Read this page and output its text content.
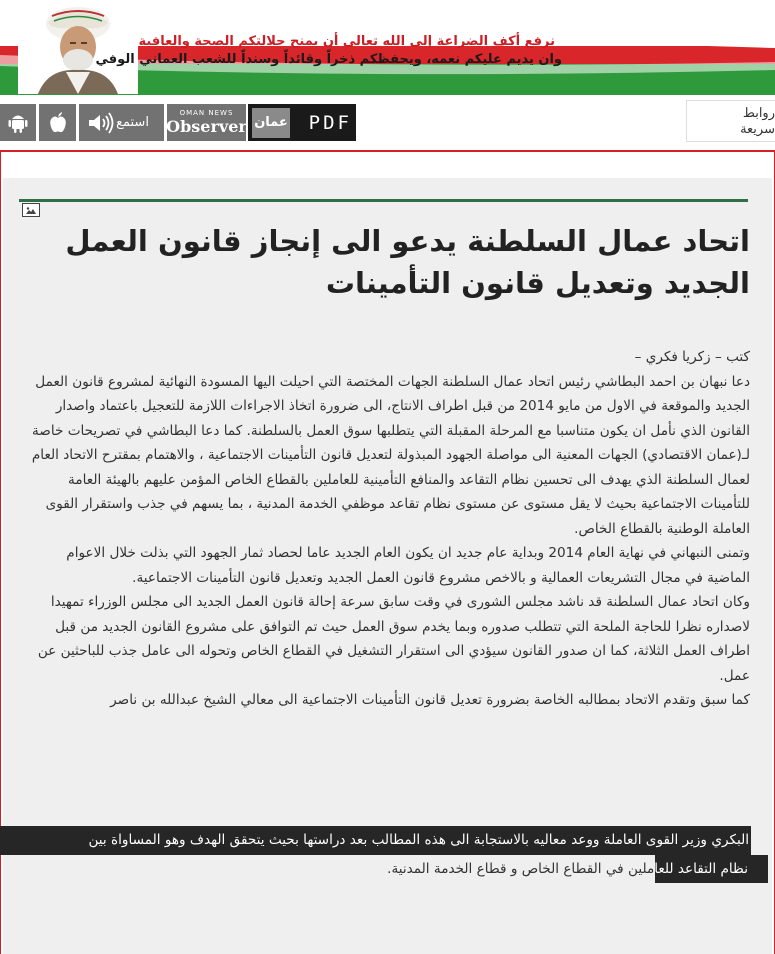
نرفع أكف الضراعة إلى الله تعالى أن يمنح جلالتكم الصحة والعافية
وان يديم عليكم نعمه، ويحفظكم ذخراً وقائداً وسنداً للشعب العماني الوفي
استمع
OMAN NEWS
Observer عمان PDF	روابط سريعة
اتحاد عمال السلطنة يدعو الى إنجاز قانون العمل الجديد وتعديل قانون التأمينات

كتب – زكريا فكري –

دعا نبهان بن احمد البطاشي رئيس اتحاد عمال السلطنة الجهات المختصة التي احيلت اليها المسودة النهائية لمشروع قانون العمل الجديد والموقعة في الاول من مايو 2014 من قبل اطراف الانتاج، الى ضرورة اتخاذ الاجراءات اللازمة للتعجيل باعتماد واصدار القانون الذي نأمل ان يكون متناسبا مع المرحلة المقبلة التي يتطلبها سوق العمل بالسلطنة. كما دعا البطاشي في تصريحات خاصة لـ(عمان الاقتصادي) الجهات المعنية الى مواصلة الجهود المبذولة لتعديل قانون التأمينات الاجتماعية ، والاهتمام بمقترح الاتحاد العام لعمال السلطنة الذي يهدف الى تحسين نظام التقاعد والمنافع التأمينية للعاملين بالقطاع الخاص المؤمن عليهم بالهيئة العامة للتأمينات الاجتماعية بحيث لا يقل مستوى عن مستوى نظام تقاعد موظفي الخدمة المدنية ، بما يسهم في جذب واستقرار القوى العاملة الوطنية بالقطاع الخاص.

وتمنى النبهاني في نهاية العام 2014 وبداية عام جديد ان يكون العام الجديد عاما لحصاد ثمار الجهود التي بذلت خلال الاعوام الماضية في مجال التشريعات العمالية و بالاخص مشروع قانون العمل الجديد وتعديل قانون التأمينات الاجتماعية.

وكان اتحاد عمال السلطنة قد ناشد مجلس الشورى في وقت سابق سرعة إحالة قانون العمل الجديد الى مجلس الوزراء تمهيدا لاصداره نظرا للحاجة الملحة التي تتطلب صدوره وبما يخدم سوق العمل حيث تم التوافق على مشروع القانون الجديد من قبل اطراف العمل الثلاثة، كما ان صدور القانون سيؤدي الى استقرار التشغيل في القطاع الخاص وتحوله الى عامل جذب للباحثين عن عمل.

كما سبق وتقدم الاتحاد بمطالبه الخاصة بضرورة تعديل قانون التأمينات الاجتماعية الى معالي الشيخ عبدالله بن ناصر

البكري وزير القوى العاملة ووعد معاليه بالاستجابة الى هذه المطالب بعد دراستها بحيث يتحقق الهدف وهو المساواة بين
نظام التقاعد للعاملين في القطاع الخاص و قطاع الخدمة المدنية.
